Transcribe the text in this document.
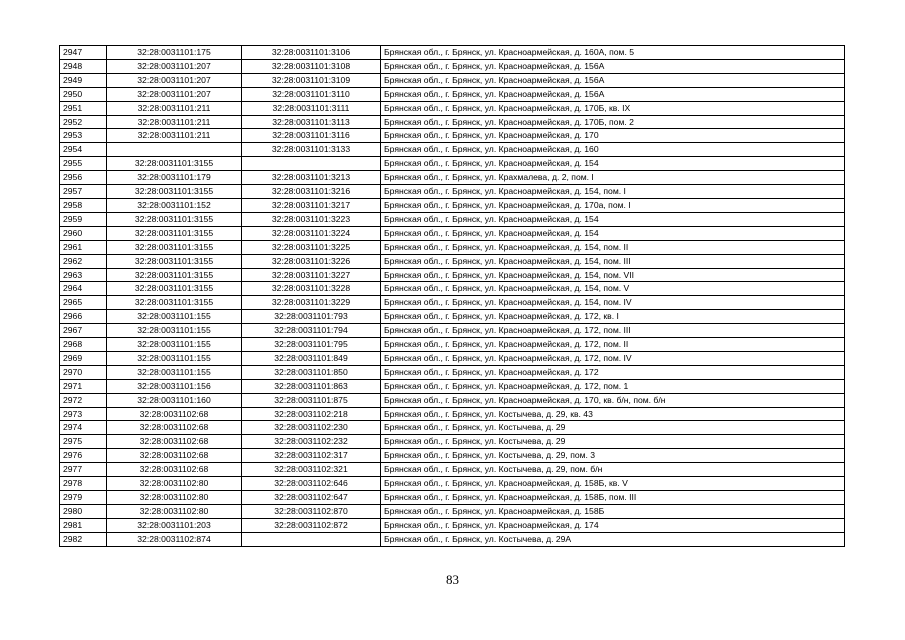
2947	32:28:0031101:175	32:28:0031101:3106	Брянская обл., г. Брянск, ул. Красноармейская, д. 160А, пом. 5
2948	32:28:0031101:207	32:28:0031101:3108	Брянская обл., г. Брянск, ул. Красноармейская, д. 156А
2949	32:28:0031101:207	32:28:0031101:3109	Брянская обл., г. Брянск, ул. Красноармейская, д. 156А
2950	32:28:0031101:207	32:28:0031101:3110	Брянская обл., г. Брянск, ул. Красноармейская, д. 156А
2951	32:28:0031101:211	32:28:0031101:3111	Брянская обл., г. Брянск, ул. Красноармейская, д. 170Б, кв. IX
2952	32:28:0031101:211	32:28:0031101:3113	Брянская обл., г. Брянск, ул. Красноармейская, д. 170Б, пом. 2
2953	32:28:0031101:211	32:28:0031101:3116	Брянская обл., г. Брянск, ул. Красноармейская, д. 170
2954		32:28:0031101:3133	Брянская обл., г. Брянск, ул. Красноармейская, д. 160
2955	32:28:0031101:3155		Брянская обл., г. Брянск, ул. Красноармейская, д. 154
2956	32:28:0031101:179	32:28:0031101:3213	Брянская обл., г. Брянск, ул. Крахмалева, д. 2, пом. I
2957	32:28:0031101:3155	32:28:0031101:3216	Брянская обл., г. Брянск, ул. Красноармейская, д. 154, пом. I
2958	32:28:0031101:152	32:28:0031101:3217	Брянская обл., г. Брянск, ул. Красноармейская, д. 170а, пом. I
2959	32:28:0031101:3155	32:28:0031101:3223	Брянская обл., г. Брянск, ул. Красноармейская, д. 154
2960	32:28:0031101:3155	32:28:0031101:3224	Брянская обл., г. Брянск, ул. Красноармейская, д. 154
2961	32:28:0031101:3155	32:28:0031101:3225	Брянская обл., г. Брянск, ул. Красноармейская, д. 154, пом. II
2962	32:28:0031101:3155	32:28:0031101:3226	Брянская обл., г. Брянск, ул. Красноармейская, д. 154, пом. III
2963	32:28:0031101:3155	32:28:0031101:3227	Брянская обл., г. Брянск, ул. Красноармейская, д. 154, пом. VII
2964	32:28:0031101:3155	32:28:0031101:3228	Брянская обл., г. Брянск, ул. Красноармейская, д. 154, пом. V
2965	32:28:0031101:3155	32:28:0031101:3229	Брянская обл., г. Брянск, ул. Красноармейская, д. 154, пом. IV
2966	32:28:0031101:155	32:28:0031101:793	Брянская обл., г. Брянск, ул. Красноармейская, д. 172, кв. I
2967	32:28:0031101:155	32:28:0031101:794	Брянская обл., г. Брянск, ул. Красноармейская, д. 172, пом. III
2968	32:28:0031101:155	32:28:0031101:795	Брянская обл., г. Брянск, ул. Красноармейская, д. 172, пом. II
2969	32:28:0031101:155	32:28:0031101:849	Брянская обл., г. Брянск, ул. Красноармейская, д. 172, пом. IV
2970	32:28:0031101:155	32:28:0031101:850	Брянская обл., г. Брянск, ул. Красноармейская, д. 172
2971	32:28:0031101:156	32:28:0031101:863	Брянская обл., г. Брянск, ул. Красноармейская, д. 172, пом. 1
2972	32:28:0031101:160	32:28:0031101:875	Брянская обл., г. Брянск, ул. Красноармейская, д. 170, кв. б/н, пом. б/н
2973	32:28:0031102:68	32:28:0031102:218	Брянская обл., г. Брянск, ул. Костычева, д. 29, кв. 43
2974	32:28:0031102:68	32:28:0031102:230	Брянская обл., г. Брянск, ул. Костычева, д. 29
2975	32:28:0031102:68	32:28:0031102:232	Брянская обл., г. Брянск, ул. Костычева, д. 29
2976	32:28:0031102:68	32:28:0031102:317	Брянская обл., г. Брянск, ул. Костычева, д. 29, пом. 3
2977	32:28:0031102:68	32:28:0031102:321	Брянская обл., г. Брянск, ул. Костычева, д. 29, пом. б/н
2978	32:28:0031102:80	32:28:0031102:646	Брянская обл., г. Брянск, ул. Красноармейская, д. 158Б, кв. V
2979	32:28:0031102:80	32:28:0031102:647	Брянская обл., г. Брянск, ул. Красноармейская, д. 158Б, пом. III
2980	32:28:0031102:80	32:28:0031102:870	Брянская обл., г. Брянск, ул. Красноармейская, д. 158Б
2981	32:28:0031101:203	32:28:0031102:872	Брянская обл., г. Брянск, ул. Красноармейская, д. 174
2982	32:28:0031102:874		Брянская обл., г. Брянск, ул. Костычева, д. 29А
83
